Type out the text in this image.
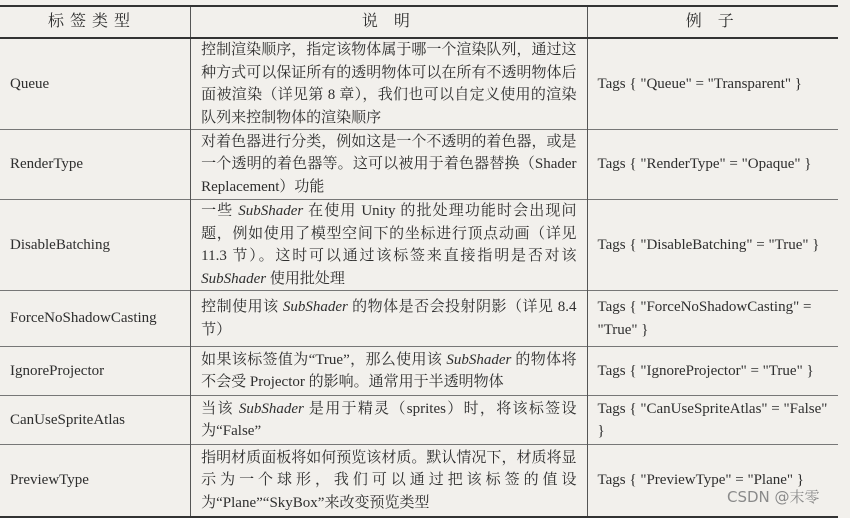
标签类型	说 明	例 子
Queue	控制渲染顺序，指定该物体属于哪一个渲染队列，通过这种方式可以保证所有的透明物体可以在所有不透明物体后面被渲染（详见第 8 章），我们也可以自定义使用的渲染队列来控制物体的渲染顺序	Tags { "Queue" = "Transparent" }
RenderType	对着色器进行分类，例如这是一个不透明的着色器，或是一个透明的着色器等。这可以被用于着色器替换（Shader Replacement）功能	Tags { "RenderType" = "Opaque" }
DisableBatching	一些 SubShader 在使用 Unity 的批处理功能时会出现问题，例如使用了模型空间下的坐标进行顶点动画（详见 11.3 节）。这时可以通过该标签来直接指明是否对该 SubShader 使用批处理	Tags { "DisableBatching" = "True" }
ForceNoShadowCasting	控制使用该 SubShader 的物体是否会投射阴影（详见 8.4 节）	Tags { "ForceNoShadowCasting" = "True" }
IgnoreProjector	如果该标签值为“True”，那么使用该 SubShader 的物体将不会受 Projector 的影响。通常用于半透明物体	Tags { "IgnoreProjector" = "True" }
CanUseSpriteAtlas	当该 SubShader 是用于精灵（sprites）时，将该标签设为“False”	Tags { "CanUseSpriteAtlas" = "False" }
PreviewType	指明材质面板将如何预览该材质。默认情况下，材质将显示为一个球形，我们可以通过把该标签的值设为“Plane”“SkyBox”来改变预览类型	Tags { "PreviewType" = "Plane" }
CSDN @末零
